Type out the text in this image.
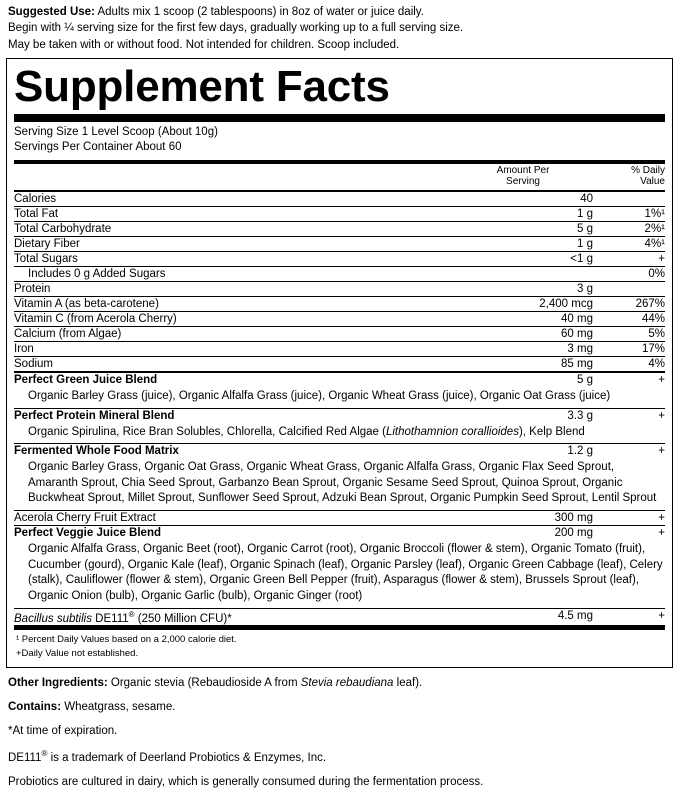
Suggested Use: Adults mix 1 scoop (2 tablespoons) in 8oz of water or juice daily.

Begin with ¼ serving size for the first few days, gradually working up to a full serving size.

May be taken with or without food. Not intended for children. Scoop included.

Supplement Facts
Serving Size 1 Level Scoop (About 10g)
Servings Per Container About 60
	Amount Per
Serving	% Daily
Value
Calories	40	
Total Fat	1 g	1%¹
Total Carbohydrate	5 g	2%¹
Dietary Fiber	1 g	4%¹
Total Sugars	<1 g	+
Includes 0 g Added Sugars		0%
Protein	3 g	
Vitamin A (as beta-carotene)	2,400 mcg	267%
Vitamin C (from Acerola Cherry)	40 mg	44%
Calcium (from Algae)	60 mg	5%
Iron	3 mg	17%
Sodium	85 mg	4%
Perfect Green Juice Blend	5 g	+
Organic Barley Grass (juice), Organic Alfalfa Grass (juice), Organic Wheat Grass (juice), Organic Oat Grass (juice)		
Perfect Protein Mineral Blend	3.3 g	+
Organic Spirulina, Rice Bran Solubles, Chlorella, Calcified Red Algae (Lithothamnion corallioides), Kelp Blend		
Fermented Whole Food Matrix	1.2 g	+
Organic Barley Grass, Organic Oat Grass, Organic Wheat Grass, Organic Alfalfa Grass, Organic Flax Seed Sprout, Amaranth Sprout, Chia Seed Sprout, Garbanzo Bean Sprout, Organic Sesame Seed Sprout, Quinoa Sprout, Organic Buckwheat Sprout, Millet Sprout, Sunflower Seed Sprout, Adzuki Bean Sprout, Organic Pumpkin Seed Sprout, Lentil Sprout		
Acerola Cherry Fruit Extract	300 mg	+
Perfect Veggie Juice Blend	200 mg	+
Organic Alfalfa Grass, Organic Beet (root), Organic Carrot (root), Organic Broccoli (flower & stem), Organic Tomato (fruit), Cucumber (gourd), Organic Kale (leaf), Organic Spinach (leaf), Organic Parsley (leaf), Organic Green Cabbage (leaf), Celery (stalk), Cauliflower (flower & stem), Organic Green Bell Pepper (fruit), Asparagus (flower & stem), Brussels Sprout (leaf), Organic Onion (bulb), Organic Garlic (bulb), Organic Ginger (root)		
Bacillus subtilis DE111® (250 Million CFU)*	4.5 mg	+
¹ Percent Daily Values based on a 2,000 calorie diet.
+Daily Value not established.

Other Ingredients: Organic stevia (Rebaudioside A from Stevia rebaudiana leaf).

Contains: Wheatgrass, sesame.

*At time of expiration.

DE111® is a trademark of Deerland Probiotics & Enzymes, Inc.

Probiotics are cultured in dairy, which is generally consumed during the fermentation process.
